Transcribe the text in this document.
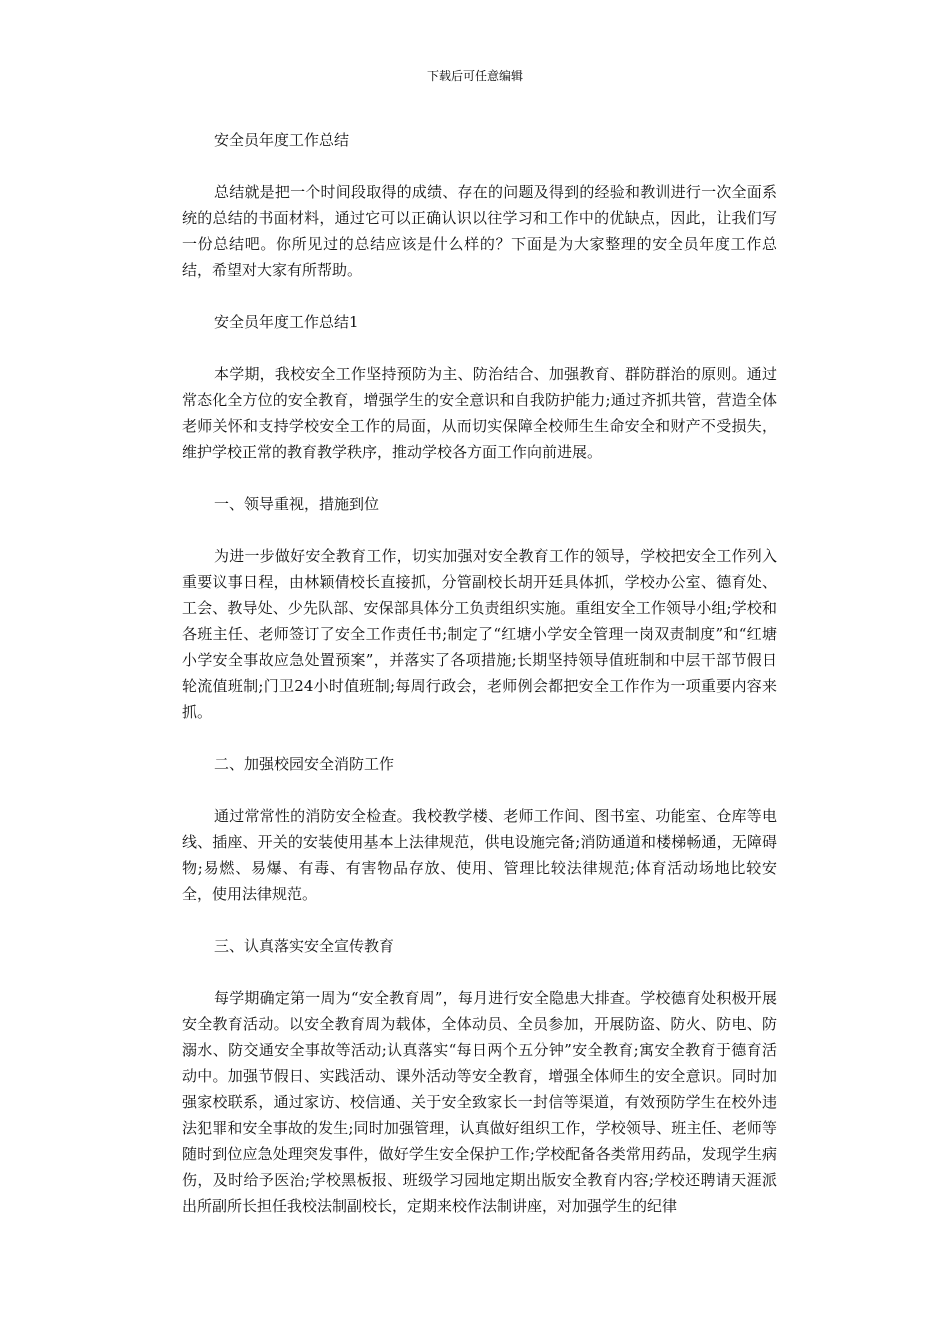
下载后可任意编辑

安全员年度工作总结

总结就是把一个时间段取得的成绩、存在的问题及得到的经验和教训进行一次全面系统的总结的书面材料，通过它可以正确认识以往学习和工作中的优缺点，因此，让我们写一份总结吧。你所见过的总结应该是什么样的？下面是为大家整理的安全员年度工作总结，希望对大家有所帮助。

安全员年度工作总结1

本学期，我校安全工作坚持预防为主、防治结合、加强教育、群防群治的原则。通过常态化全方位的安全教育，增强学生的安全意识和自我防护能力;通过齐抓共管，营造全体老师关怀和支持学校安全工作的局面，从而切实保障全校师生生命安全和财产不受损失，维护学校正常的教育教学秩序，推动学校各方面工作向前进展。

一、领导重视，措施到位

为进一步做好安全教育工作，切实加强对安全教育工作的领导，学校把安全工作列入重要议事日程，由林颖倩校长直接抓，分管副校长胡开廷具体抓，学校办公室、德育处、工会、教导处、少先队部、安保部具体分工负责组织实施。重组安全工作领导小组;学校和各班主任、老师签订了安全工作责任书;制定了“红塘小学安全管理一岗双责制度”和“红塘小学安全事故应急处置预案”，并落实了各项措施;长期坚持领导值班制和中层干部节假日轮流值班制;门卫24小时值班制;每周行政会，老师例会都把安全工作作为一项重要内容来抓。

二、加强校园安全消防工作

通过常常性的消防安全检查。我校教学楼、老师工作间、图书室、功能室、仓库等电线、插座、开关的安装使用基本上法律规范，供电设施完备;消防通道和楼梯畅通，无障碍物;易燃、易爆、有毒、有害物品存放、使用、管理比较法律规范;体育活动场地比较安全，使用法律规范。

三、认真落实安全宣传教育

每学期确定第一周为“安全教育周”，每月进行安全隐患大排查。学校德育处积极开展安全教育活动。以安全教育周为载体，全体动员、全员参加，开展防盗、防火、防电、防溺水、防交通安全事故等活动;认真落实“每日两个五分钟”安全教育;寓安全教育于德育活动中。加强节假日、实践活动、课外活动等安全教育，增强全体师生的安全意识。同时加强家校联系，通过家访、校信通、关于安全致家长一封信等渠道，有效预防学生在校外违法犯罪和安全事故的发生;同时加强管理，认真做好组织工作，学校领导、班主任、老师等随时到位应急处理突发事件，做好学生安全保护工作;学校配备各类常用药品，发现学生病伤，及时给予医治;学校黑板报、班级学习园地定期出版安全教育内容;学校还聘请天涯派出所副所长担任我校法制副校长，定期来校作法制讲座，对加强学生的纪律
